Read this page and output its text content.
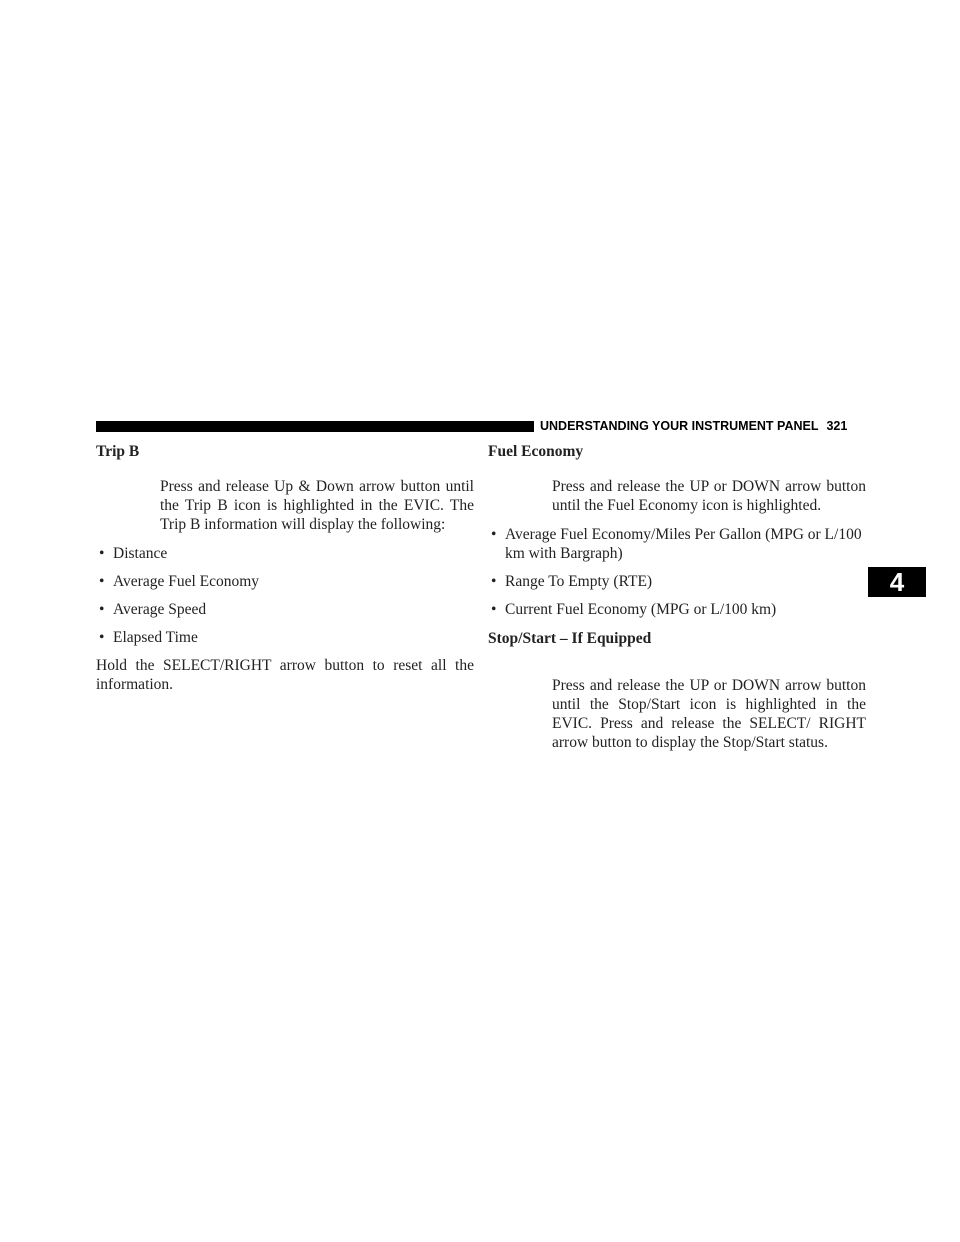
UNDERSTANDING YOUR INSTRUMENT PANEL 321
4
Trip B

Press and release Up & Down arrow button until the Trip B icon is highlighted in the EVIC. The Trip B information will display the following:

• Distance
• Average Fuel Economy
• Average Speed
• Elapsed Time

Hold the SELECT/RIGHT arrow button to reset all the information.

Fuel Economy

Press and release the UP or DOWN arrow button until the Fuel Economy icon is highlighted.

• Average Fuel Economy/Miles Per Gallon (MPG or L/100 km with Bargraph)
• Range To Empty (RTE)
• Current Fuel Economy (MPG or L/100 km)
Stop/Start – If Equipped

Press and release the UP or DOWN arrow button until the Stop/Start icon is highlighted in the EVIC. Press and release the SELECT/ RIGHT arrow button to display the Stop/Start status.
